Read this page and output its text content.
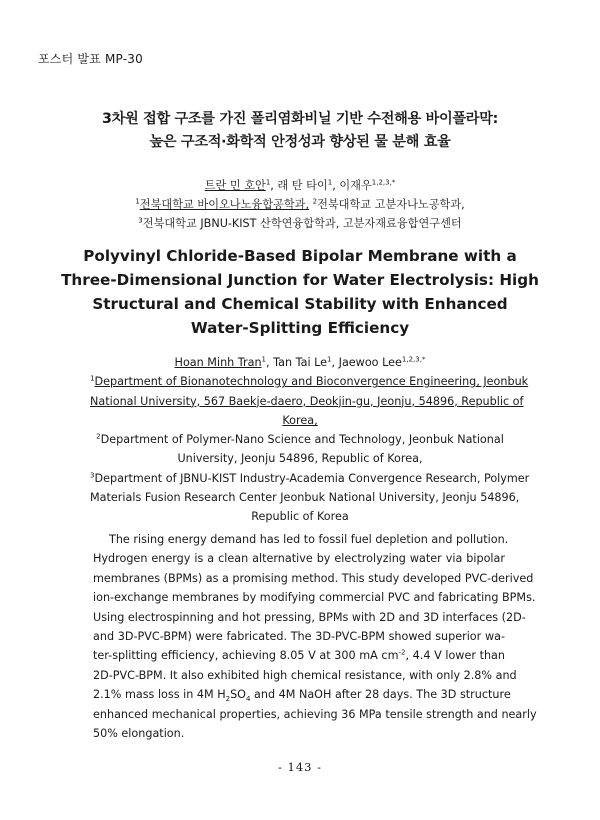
포스터 발표 MP-30
3차원 접합 구조를 가진 폴리염화비닐 기반 수전해용 바이폴라막:
높은 구조적·화학적 안정성과 향상된 물 분해 효율
트란 민 호안$^1$, 래 탄 타이$^1$, 이재우$^{1,2,3,*}$
$^1$전북대학교 바이오나노융합공학과, $^2$전북대학교 고분자나노공학과,
$^3$전북대학교 JBNU-KIST 산학연융합학과, 고분자재료융합연구센터
Polyvinyl Chloride-Based Bipolar Membrane with a
Three-Dimensional Junction for Water Electrolysis: High
Structural and Chemical Stability with Enhanced
Water-Splitting Efficiency
Hoan Minh Tran$^1$, Tan Tai Le$^1$, Jaewoo Lee$^{1,2,3,*}$
$^1$Department of Bionanotechnology and Bioconvergence Engineering, Jeonbuk
National University, 567 Baekje-daero, Deokjin-gu, Jeonju, 54896, Republic of
Korea,
$^2$Department of Polymer-Nano Science and Technology, Jeonbuk National
University, Jeonju 54896, Republic of Korea,
$^3$Department of JBNU-KIST Industry-Academia Convergence Research, Polymer
Materials Fusion Research Center Jeonbuk National University, Jeonju 54896,
Republic of Korea
The rising energy demand has led to fossil fuel depletion and pollution.
Hydrogen energy is a clean alternative by electrolyzing water via bipolar
membranes (BPMs) as a promising method. This study developed PVC-derived
ion-exchange membranes by modifying commercial PVC and fabricating BPMs.
Using electrospinning and hot pressing, BPMs with 2D and 3D interfaces (2D-
and 3D-PVC-BPM) were fabricated. The 3D-PVC-BPM showed superior wa-
ter-splitting efficiency, achieving 8.05 V at 300 mA $cm^{-2}$, 4.4 V lower than
2D-PVC-BPM. It also exhibited high chemical resistance, with only 2.8% and
2.1% mass loss in 4M $H_2SO_4$ and 4M NaOH after 28 days. The 3D structure
enhanced mechanical properties, achieving 36 MPa tensile strength and nearly
50% elongation.
- 143 -
